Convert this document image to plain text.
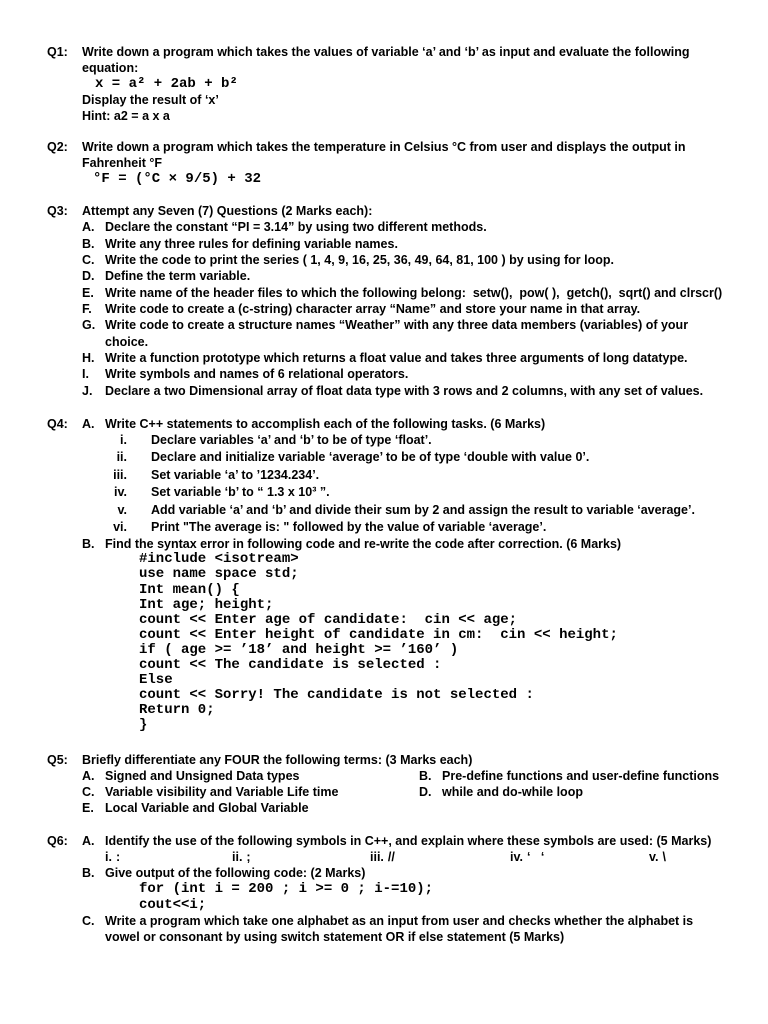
Q1: Write down a program which takes the values of variable ‘a’ and ‘b’ as input and evaluate the following
equation:
x = a² + 2ab + b²
Display the result of ‘x’
Hint: a2 = a x a
Q2: Write down a program which takes the temperature in Celsius °C from user and displays the output in
Fahrenheit °F
°F = (°C × 9/5) + 32
Q3: Attempt any Seven (7) Questions (2 Marks each):
A. Declare the constant “PI = 3.14” by using two different methods.
B. Write any three rules for defining variable names.
C. Write the code to print the series ( 1, 4, 9, 16, 25, 36, 49, 64, 81, 100 ) by using for loop.
D. Define the term variable.
E. Write name of the header files to which the following belong:  setw(),  pow( ),  getch(),  sqrt() and clrscr()
F. Write code to create a (c-string) character array “Name” and store your name in that array.
G. Write code to create a structure names “Weather” with any three data members (variables) of your
choice.
H. Write a function prototype which returns a float value and takes three arguments of long datatype.
I. Write symbols and names of 6 relational operators.
J. Declare a two Dimensional array of float data type with 3 rows and 2 columns, with any set of values.
Q4: A. Write C++ statements to accomplish each of the following tasks. (6 Marks)
i. Declare variables ‘a’ and ‘b’ to be of type ‘float’.
ii. Declare and initialize variable ‘average’ to be of type ‘double with value 0’.
iii. Set variable ‘a’ to ’1234.234’.
iv. Set variable ‘b’ to “ 1.3 x 10³ ”.
v. Add variable ‘a’ and ‘b’ and divide their sum by 2 and assign the result to variable ‘average’.
vi. Print "The average is: " followed by the value of variable ‘average’.
B. Find the syntax error in following code and re-write the code after correction. (6 Marks)
#include <isotream>
use name space std;
Int mean() {
Int age; height;
count << Enter age of candidate:  cin << age;
count << Enter height of candidate in cm:  cin << height;
if ( age >= ’18’ and height >= ’160’ )
count << The candidate is selected :
Else
count << Sorry! The candidate is not selected :
Return 0;
}
Q5: Briefly differentiate any FOUR the following terms: (3 Marks each)
A. Signed and Unsigned Data types	B. Pre-define functions and user-define functions
C. Variable visibility and Variable Life time	D. while and do-while loop
E. Local Variable and Global Variable
Q6: A. Identify the use of the following symbols in C++, and explain where these symbols are used: (5 Marks)
i. :	ii. ;	iii. //	iv. ‘   ‘	v. \
B. Give output of the following code: (2 Marks)
for (int i = 200 ; i >= 0 ; i-=10);
cout<<i;
C. Write a program which take one alphabet as an input from user and checks whether the alphabet is
vowel or consonant by using switch statement OR if else statement (5 Marks)
